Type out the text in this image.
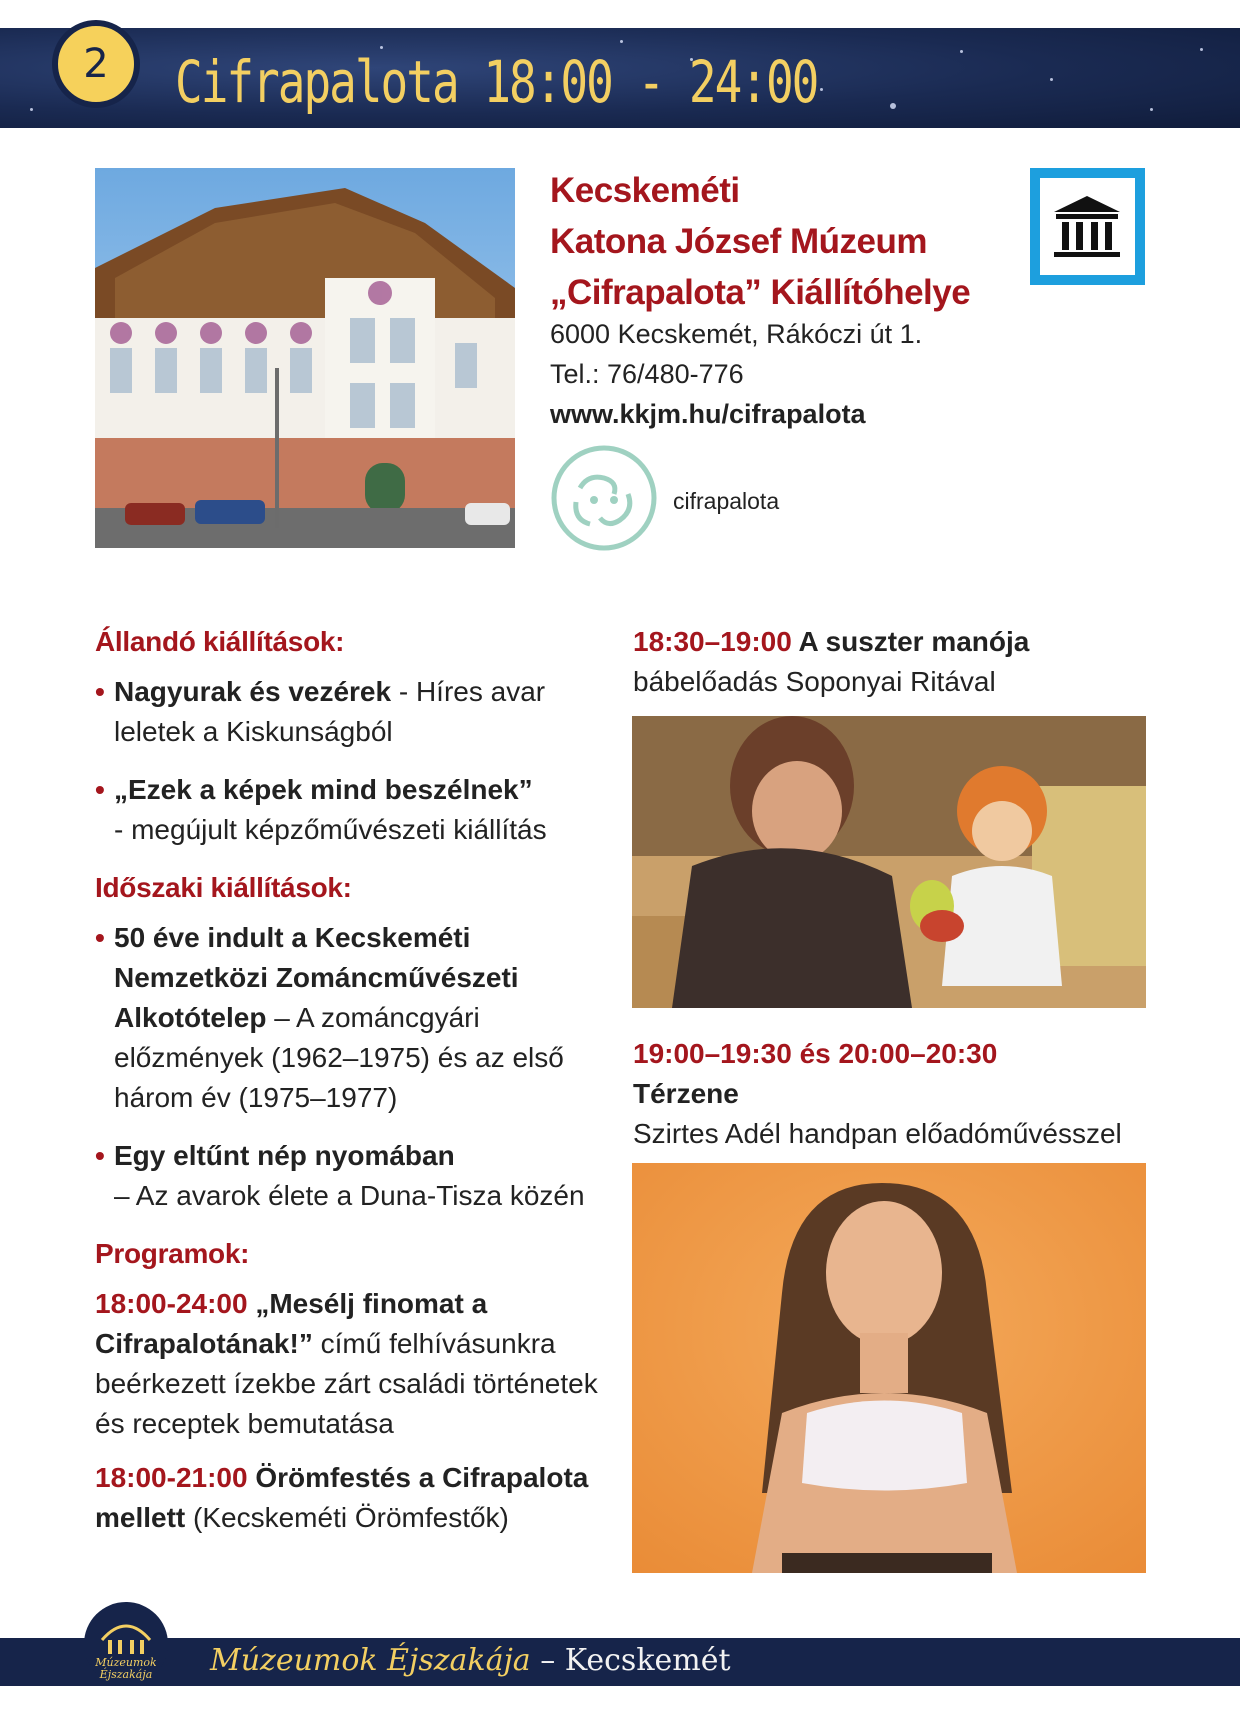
2	Cifrapalota 18:00 - 24:00
Kecskeméti
Katona József Múzeum
„Cifrapalota” Kiállítóhelye
6000 Kecskemét, Rákóczi út 1.
Tel.: 76/480-776
www.kkjm.hu/cifrapalota
cifrapalota
Állandó kiállítások:
• Nagyurak és vezérek - Híres avar leletek a Kiskunságból
• „Ezek a képek mind beszélnek”
- megújult képzőművészeti kiállítás
Időszaki kiállítások:
• 50 éve indult a Kecskeméti Nemzetközi Zománcművészeti Alkotótelep – A zománcgyári előzmények (1962–1975) és az első három év (1975–1977)
• Egy eltűnt nép nyomában
– Az avarok élete a Duna-Tisza közén
Programok:
18:00-24:00 „Mesélj finomat a Cifrapalotának!” című felhívásunkra beérkezett ízekbe zárt családi történetek és receptek bemutatása
18:00-21:00 Örömfestés a Cifrapalota mellett (Kecskeméti Örömfestők)
18:30–19:00 A suszter manója
bábelőadás Soponyai Ritával
19:00–19:30 és 20:00–20:30
Térzene
Szirtes Adél handpan előadóművésszel
Múzeumok
Éjszakája Múzeumok Éjszakája – Kecskemét
